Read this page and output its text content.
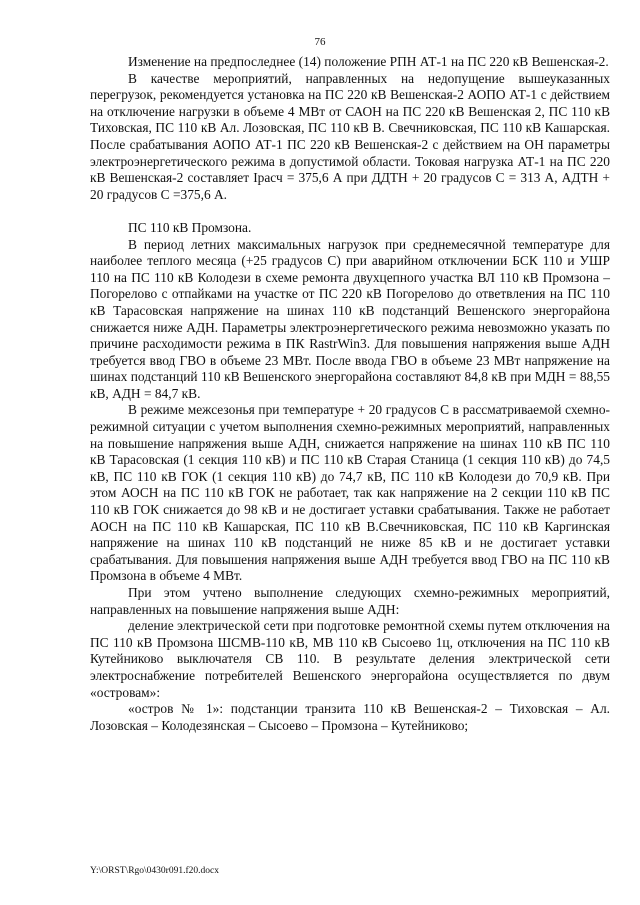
76

Изменение на предпоследнее (14) положение РПН АТ-1 на ПС 220 кВ Вешенская-2.

В качестве мероприятий, направленных на недопущение вышеуказанных перегрузок, рекомендуется установка на ПС 220 кВ Вешенская-2 АОПО АТ-1 с действием на отключение нагрузки в объеме 4 МВт от САОН на ПС 220 кВ Вешенская 2, ПС 110 кВ Тиховская, ПС 110 кВ Ал. Лозовская, ПС 110 кВ В. Свечниковская, ПС 110 кВ Кашарская. После срабатывания АОПО АТ-1 ПС 220 кВ Вешенская-2 с действием на ОН параметры электроэнергетического режима в допустимой области. Токовая нагрузка АТ-1 на ПС 220 кВ Вешенская-2 составляет Iрасч = 375,6 А при ДДТН + 20 градусов С = 313 А, АДТН + 20 градусов С =375,6 А.

ПС 110 кВ Промзона.

В период летних максимальных нагрузок при среднемесячной температуре для наиболее теплого месяца (+25 градусов С) при аварийном отключении БСК 110 и УШР 110 на ПС 110 кВ Колодези в схеме ремонта двухцепного участка ВЛ 110 кВ Промзона – Погорелово с отпайками на участке от ПС 220 кВ Погорелово до ответвления на ПС 110 кВ Тарасовская напряжение на шинах 110 кВ подстанций Вешенского энергорайона снижается ниже АДН. Параметры электроэнергетического режима невозможно указать по причине расходимости режима в ПК RastrWin3. Для повышения напряжения выше АДН требуется ввод ГВО в объеме 23 МВт. После ввода ГВО в объеме 23 МВт напряжение на шинах подстанций 110 кВ Вешенского энергорайона составляют 84,8 кВ при МДН = 88,55 кВ, АДН = 84,7 кВ.

В режиме межсезонья при температуре + 20 градусов С в рассматриваемой схемно-режимной ситуации с учетом выполнения схемно-режимных мероприятий, направленных на повышение напряжения выше АДН, снижается напряжение на шинах 110 кВ ПС 110 кВ Тарасовская (1 секция 110 кВ) и ПС 110 кВ Старая Станица (1 секция 110 кВ) до 74,5 кВ, ПС 110 кВ ГОК (1 секция 110 кВ) до 74,7 кВ, ПС 110 кВ Колодези до 70,9 кВ. При этом АОСН на ПС 110 кВ ГОК не работает, так как напряжение на 2 секции 110 кВ ПС 110 кВ ГОК снижается до 98 кВ и не достигает уставки срабатывания. Также не работает АОСН на ПС 110 кВ Кашарская, ПС 110 кВ В.Свечниковская, ПС 110 кВ Каргинская напряжение на шинах 110 кВ подстанций не ниже 85 кВ и не достигает уставки срабатывания. Для повышения напряжения выше АДН требуется ввод ГВО на ПС 110 кВ Промзона в объеме 4 МВт.

При этом учтено выполнение следующих схемно-режимных мероприятий, направленных на повышение напряжения выше АДН:

деление электрической сети при подготовке ремонтной схемы путем отключения на ПС 110 кВ Промзона ШСМВ-110 кВ, МВ 110 кВ Сысоево 1ц, отключения на ПС 110 кВ Кутейниково выключателя СВ 110. В результате деления электрической сети электроснабжение потребителей Вешенского энергорайона осуществляется по двум «островам»:

«остров № 1»: подстанции транзита 110 кВ Вешенская-2 – Тиховская – Ал. Лозовская – Колодезянская – Сысоево – Промзона – Кутейниково;

Y:\ORST\Rgo\0430r091.f20.docx
